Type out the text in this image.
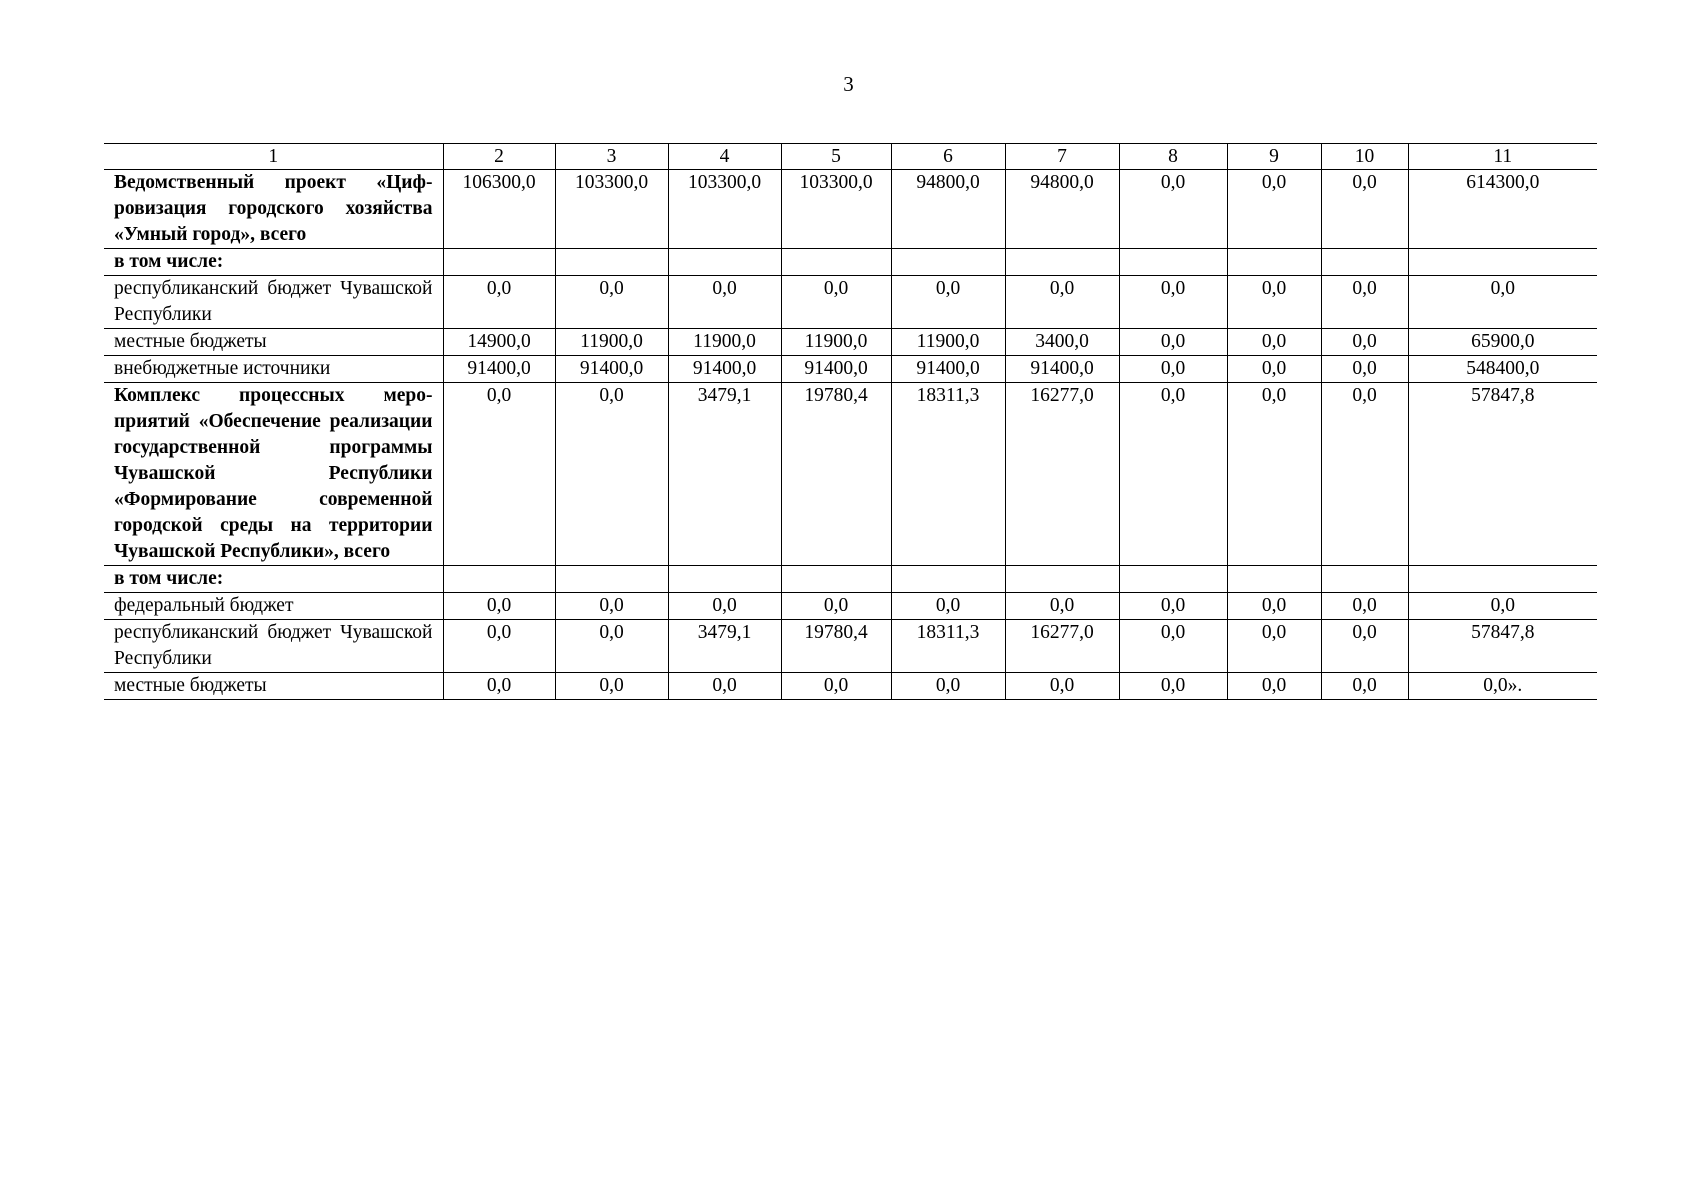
3
1	2	3	4	5	6	7	8	9	10	11
Ведомственный проект «Цифровизация городского хозяйства «Умный город», всего	106300,0	103300,0	103300,0	103300,0	94800,0	94800,0	0,0	0,0	0,0	614300,0
в том числе:										
республиканский бюджет Чувашской Республики	0,0	0,0	0,0	0,0	0,0	0,0	0,0	0,0	0,0	0,0
местные бюджеты	14900,0	11900,0	11900,0	11900,0	11900,0	3400,0	0,0	0,0	0,0	65900,0
внебюджетные источники	91400,0	91400,0	91400,0	91400,0	91400,0	91400,0	0,0	0,0	0,0	548400,0
Комплекс процессных мероприятий «Обеспечение реализации государственной программы Чувашской Республики «Формирование современной городской среды на территории Чувашской Республики», всего	0,0	0,0	3479,1	19780,4	18311,3	16277,0	0,0	0,0	0,0	57847,8
в том числе:										
федеральный бюджет	0,0	0,0	0,0	0,0	0,0	0,0	0,0	0,0	0,0	0,0
республиканский бюджет Чувашской Республики	0,0	0,0	3479,1	19780,4	18311,3	16277,0	0,0	0,0	0,0	57847,8
местные бюджеты	0,0	0,0	0,0	0,0	0,0	0,0	0,0	0,0	0,0	0,0».
